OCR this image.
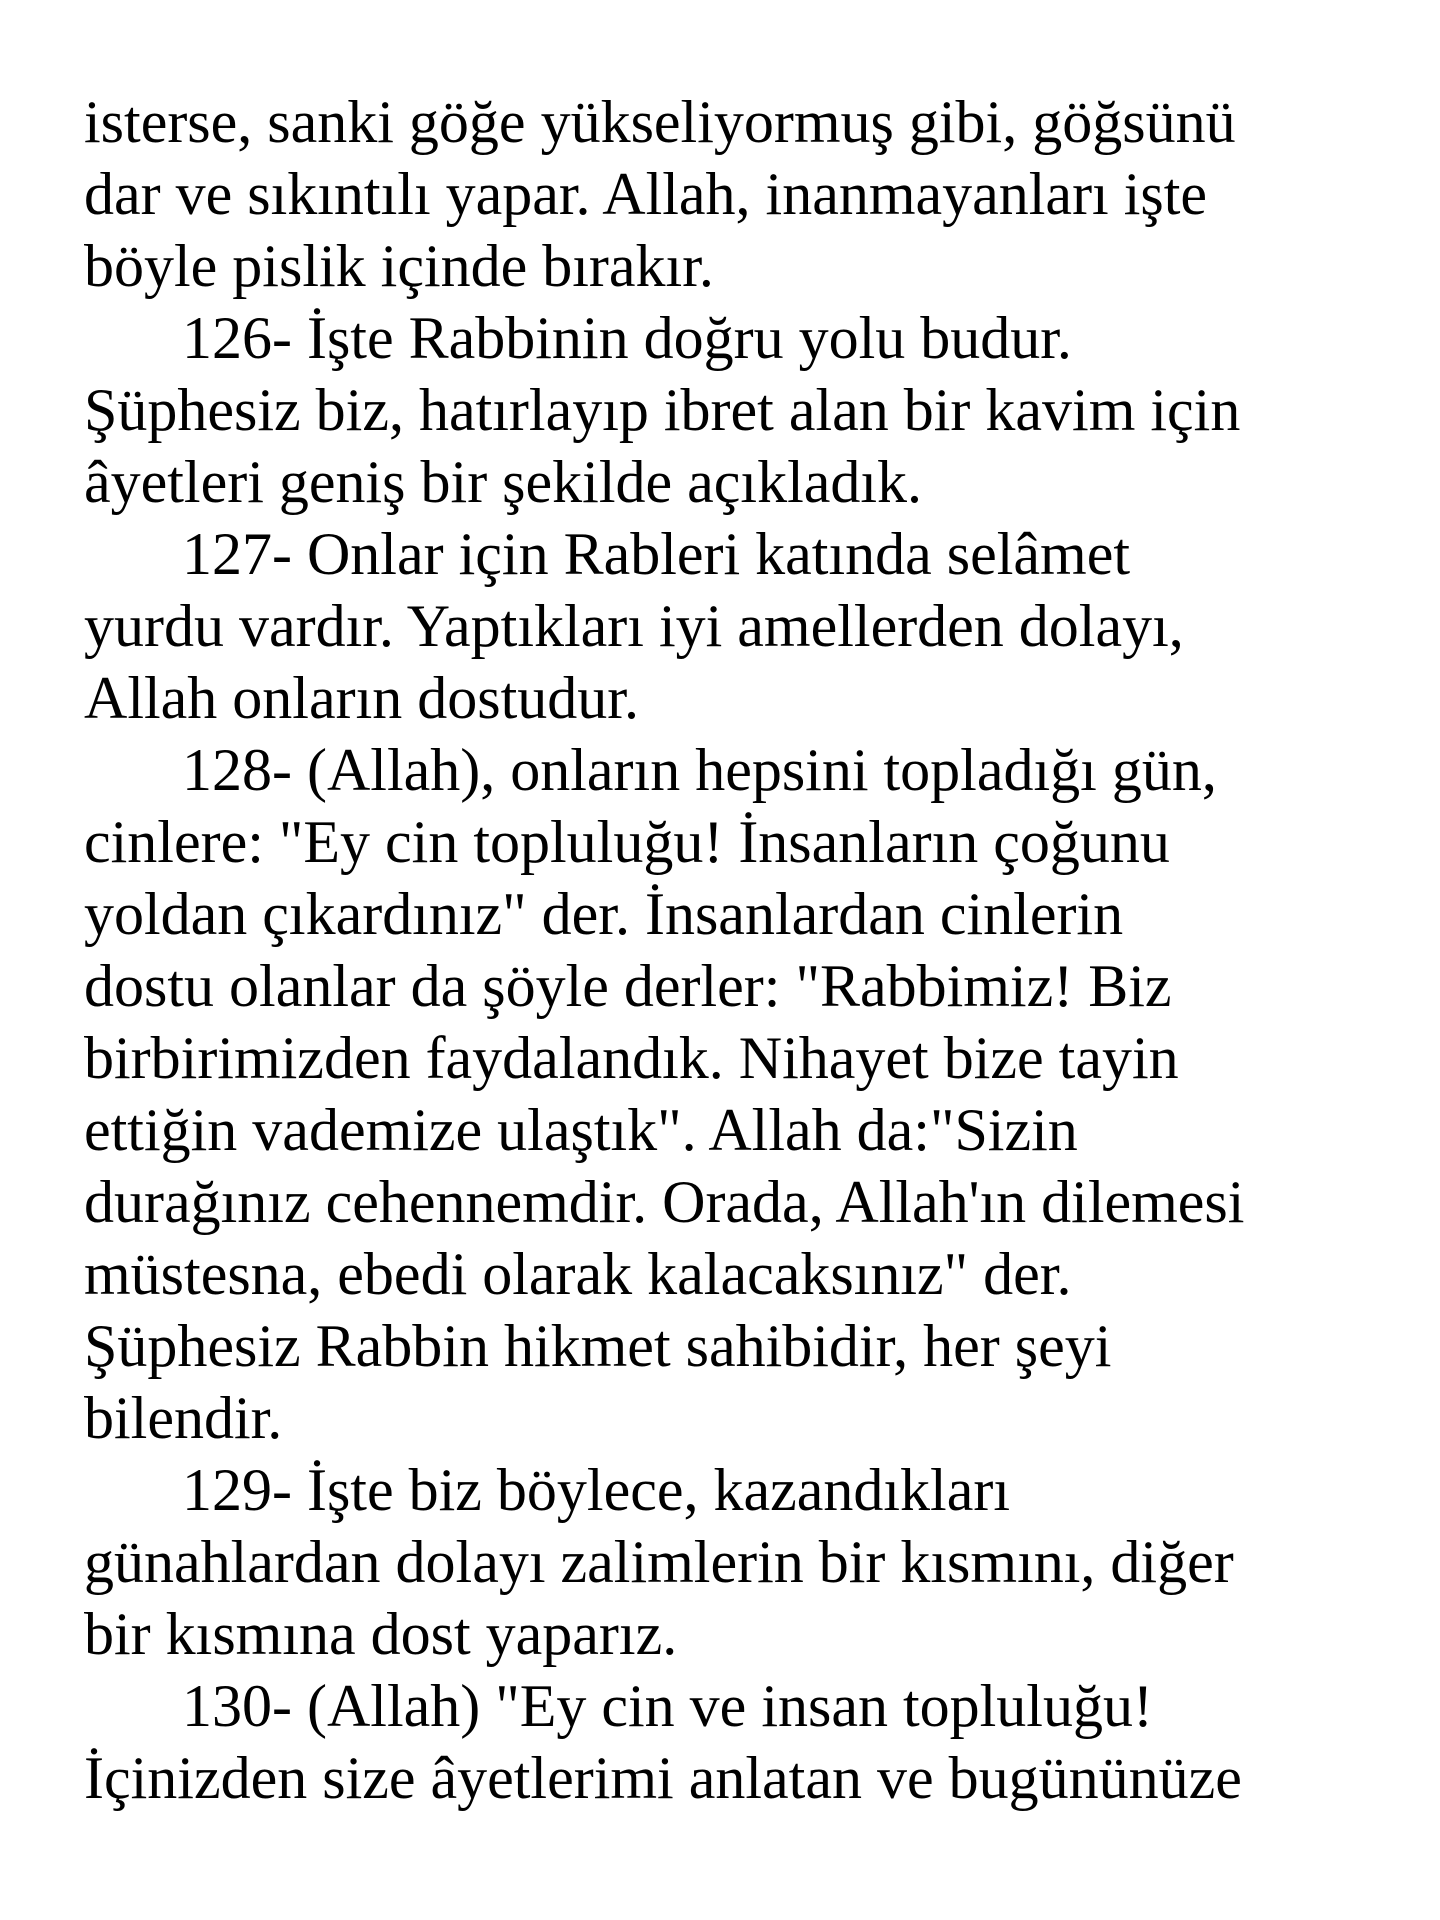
isterse, sanki göğe yükseliyormuş gibi, göğsünü
dar ve sıkıntılı yapar. Allah, inanmayanları işte
böyle pislik içinde bırakır.
126- İşte Rabbinin doğru yolu budur.
Şüphesiz biz, hatırlayıp ibret alan bir kavim için
âyetleri geniş bir şekilde açıkladık.
127- Onlar için Rableri katında selâmet
yurdu vardır. Yaptıkları iyi amellerden dolayı,
Allah onların dostudur.
128- (Allah), onların hepsini topladığı gün,
cinlere: "Ey cin topluluğu! İnsanların çoğunu
yoldan çıkardınız" der. İnsanlardan cinlerin
dostu olanlar da şöyle derler: "Rabbimiz! Biz
birbirimizden faydalandık. Nihayet bize tayin
ettiğin vademize ulaştık". Allah da:"Sizin
durağınız cehennemdir. Orada, Allah'ın dilemesi
müstesna, ebedi olarak kalacaksınız" der.
Şüphesiz Rabbin hikmet sahibidir, her şeyi
bilendir.
129- İşte biz böylece, kazandıkları
günahlardan dolayı zalimlerin bir kısmını, diğer
bir kısmına dost yaparız.
130- (Allah) "Ey cin ve insan topluluğu!
İçinizden size âyetlerimi anlatan ve bugününüze
